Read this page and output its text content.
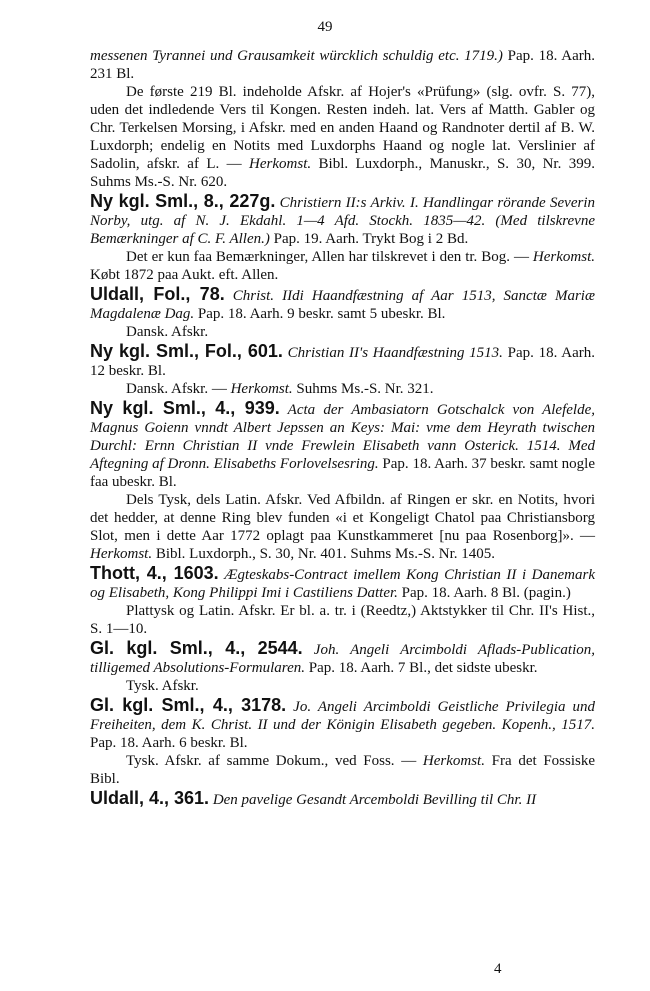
49

messenen Tyrannei und Grausamkeit würcklich schuldig etc. 1719.) Pap. 18. Aarh. 231 Bl.

De første 219 Bl. indeholde Afskr. af Hojer's «Prüfung» (slg. ovfr. S. 77), uden det indledende Vers til Kongen. Resten indeh. lat. Vers af Matth. Gabler og Chr. Terkelsen Morsing, i Afskr. med en anden Haand og Randnoter dertil af B. W. Luxdorph; endelig en Notits med Luxdorphs Haand og nogle lat. Verslinier af Sadolin, afskr. af L. — Herkomst. Bibl. Luxdorph., Manuskr., S. 30, Nr. 399. Suhms Ms.-S. Nr. 620.

Ny kgl. Sml., 8., 227g. Christiern II:s Arkiv. I. Handlingar rörande Severin Norby, utg. af N. J. Ekdahl. 1—4 Afd. Stockh. 1835—42. (Med tilskrevne Bemærkninger af C. F. Allen.) Pap. 19. Aarh. Trykt Bog i 2 Bd.

Det er kun faa Bemærkninger, Allen har tilskrevet i den tr. Bog. — Herkomst. Købt 1872 paa Aukt. eft. Allen.

Uldall, Fol., 78. Christ. IIdi Haandfæstning af Aar 1513, Sanctæ Mariæ Magdalenæ Dag. Pap. 18. Aarh. 9 beskr. samt 5 ubeskr. Bl.

Dansk. Afskr.

Ny kgl. Sml., Fol., 601. Christian II's Haandfæstning 1513. Pap. 18. Aarh. 12 beskr. Bl.

Dansk. Afskr. — Herkomst. Suhms Ms.-S. Nr. 321.

Ny kgl. Sml., 4., 939. Acta der Ambasiatorn Gotschalck von Alefelde, Magnus Goienn vnndt Albert Jepssen an Keys: Mai: vme dem Heyrath twischen Durchl: Ernn Christian II vnde Frewlein Elisabeth vann Osterick. 1514. Med Aftegning af Dronn. Elisabeths Forlovelsesring. Pap. 18. Aarh. 37 beskr. samt nogle faa ubeskr. Bl.

Dels Tysk, dels Latin. Afskr. Ved Afbildn. af Ringen er skr. en Notits, hvori det hedder, at denne Ring blev funden «i et Kongeligt Chatol paa Christiansborg Slot, men i dette Aar 1772 oplagt paa Kunstkammeret [nu paa Rosenborg]». — Herkomst. Bibl. Luxdorph., S. 30, Nr. 401. Suhms Ms.-S. Nr. 1405.

Thott, 4., 1603. Ægteskabs-Contract imellem Kong Christian II i Danemark og Elisabeth, Kong Philippi Imi i Castiliens Datter. Pap. 18. Aarh. 8 Bl. (pagin.)

Plattysk og Latin. Afskr. Er bl. a. tr. i (Reedtz,) Aktstykker til Chr. II's Hist., S. 1—10.

Gl. kgl. Sml., 4., 2544. Joh. Angeli Arcimboldi Aflads-Publication, tilligemed Absolutions-Formularen. Pap. 18. Aarh. 7 Bl., det sidste ubeskr.

Tysk. Afskr.

Gl. kgl. Sml., 4., 3178. Jo. Angeli Arcimboldi Geistliche Privilegia und Freiheiten, dem K. Christ. II und der Königin Elisabeth gegeben. Kopenh., 1517. Pap. 18. Aarh. 6 beskr. Bl.

Tysk. Afskr. af samme Dokum., ved Foss. — Herkomst. Fra det Fossiske Bibl.

Uldall, 4., 361. Den pavelige Gesandt Arcemboldi Bevilling til Chr. II

4
